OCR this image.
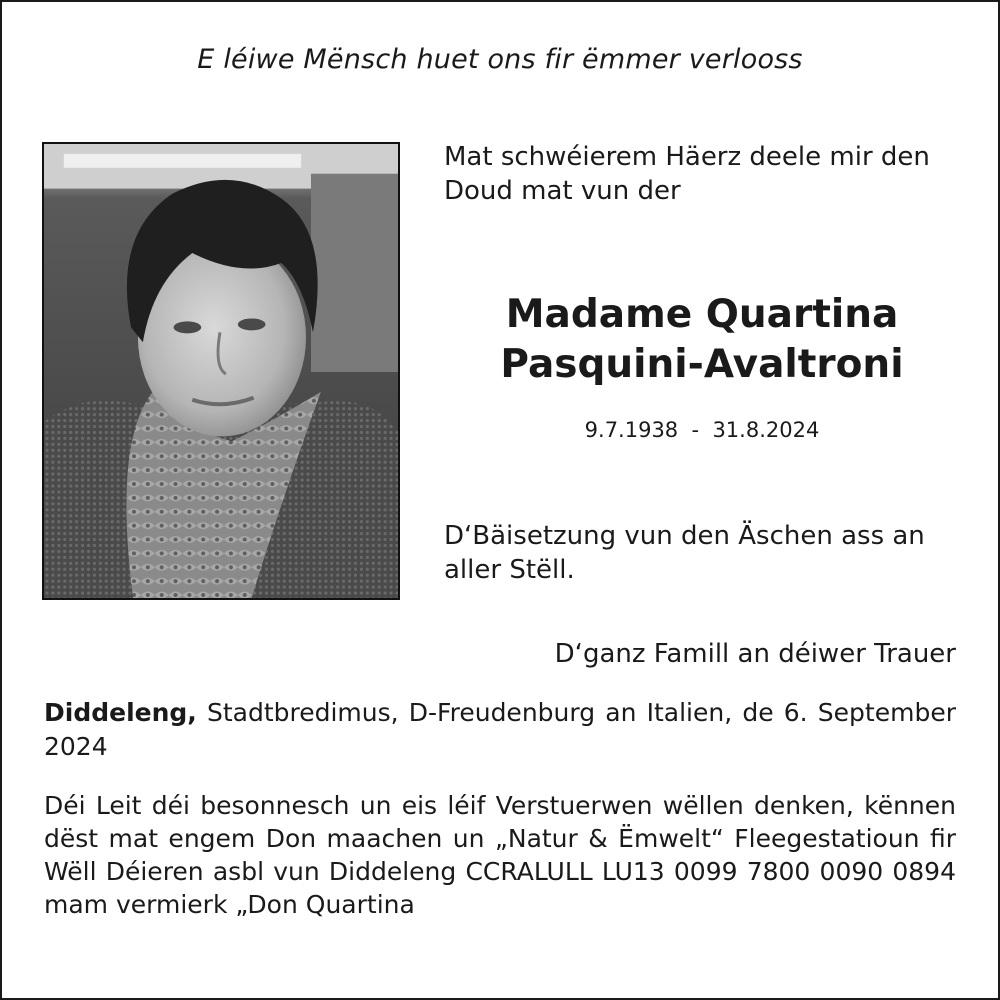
E léiwe Mënsch huet ons fir ëmmer verlooss
Mat schwéierem Häerz deele mir den Doud mat vun der
Madame Quartina
Pasquini-Avaltroni
9.7.1938  -  31.8.2024
D‘Bäisetzung vun den Äschen ass an aller Stëll.
D‘ganz Famill an déiwer Trauer
Diddeleng, Stadtbredimus, D-Freudenburg an Italien, de 6. September 2024
Déi Leit déi besonnesch un eis léif Verstuerwen wëllen denken, kënnen dëst mat engem Don maachen un „Natur & Ëmwelt“ Fleegestatioun fir Wëll Déieren asbl vun Diddeleng CCRALULL LU13 0099 7800 0090 0894 mam vermierk „Don Quartina
